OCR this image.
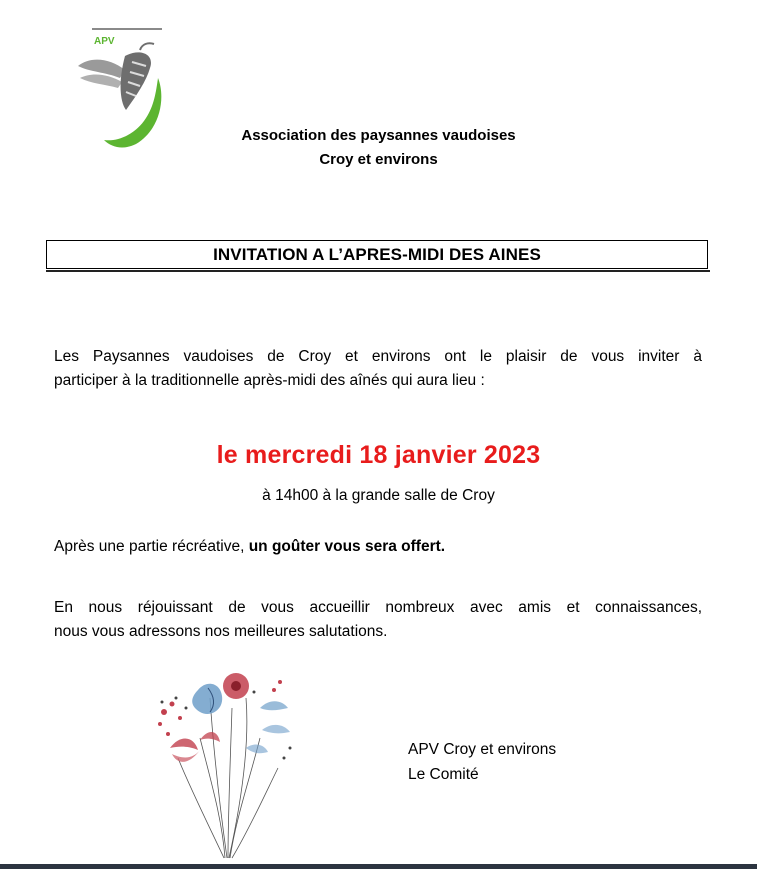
APV
Association des paysannes vaudoises
Croy et environs
INVITATION A L’APRES-MIDI DES AINES
Les Paysannes vaudoises de Croy et environs ont le plaisir de vous inviter à
participer à la traditionnelle après-midi des aînés qui aura lieu :
le mercredi 18 janvier 2023
à 14h00 à la grande salle de Croy
Après une partie récréative, un goûter vous sera offert.
En nous réjouissant de vous accueillir nombreux avec amis et connaissances,
nous vous adressons nos meilleures salutations.
APV Croy et environs
Le Comité
